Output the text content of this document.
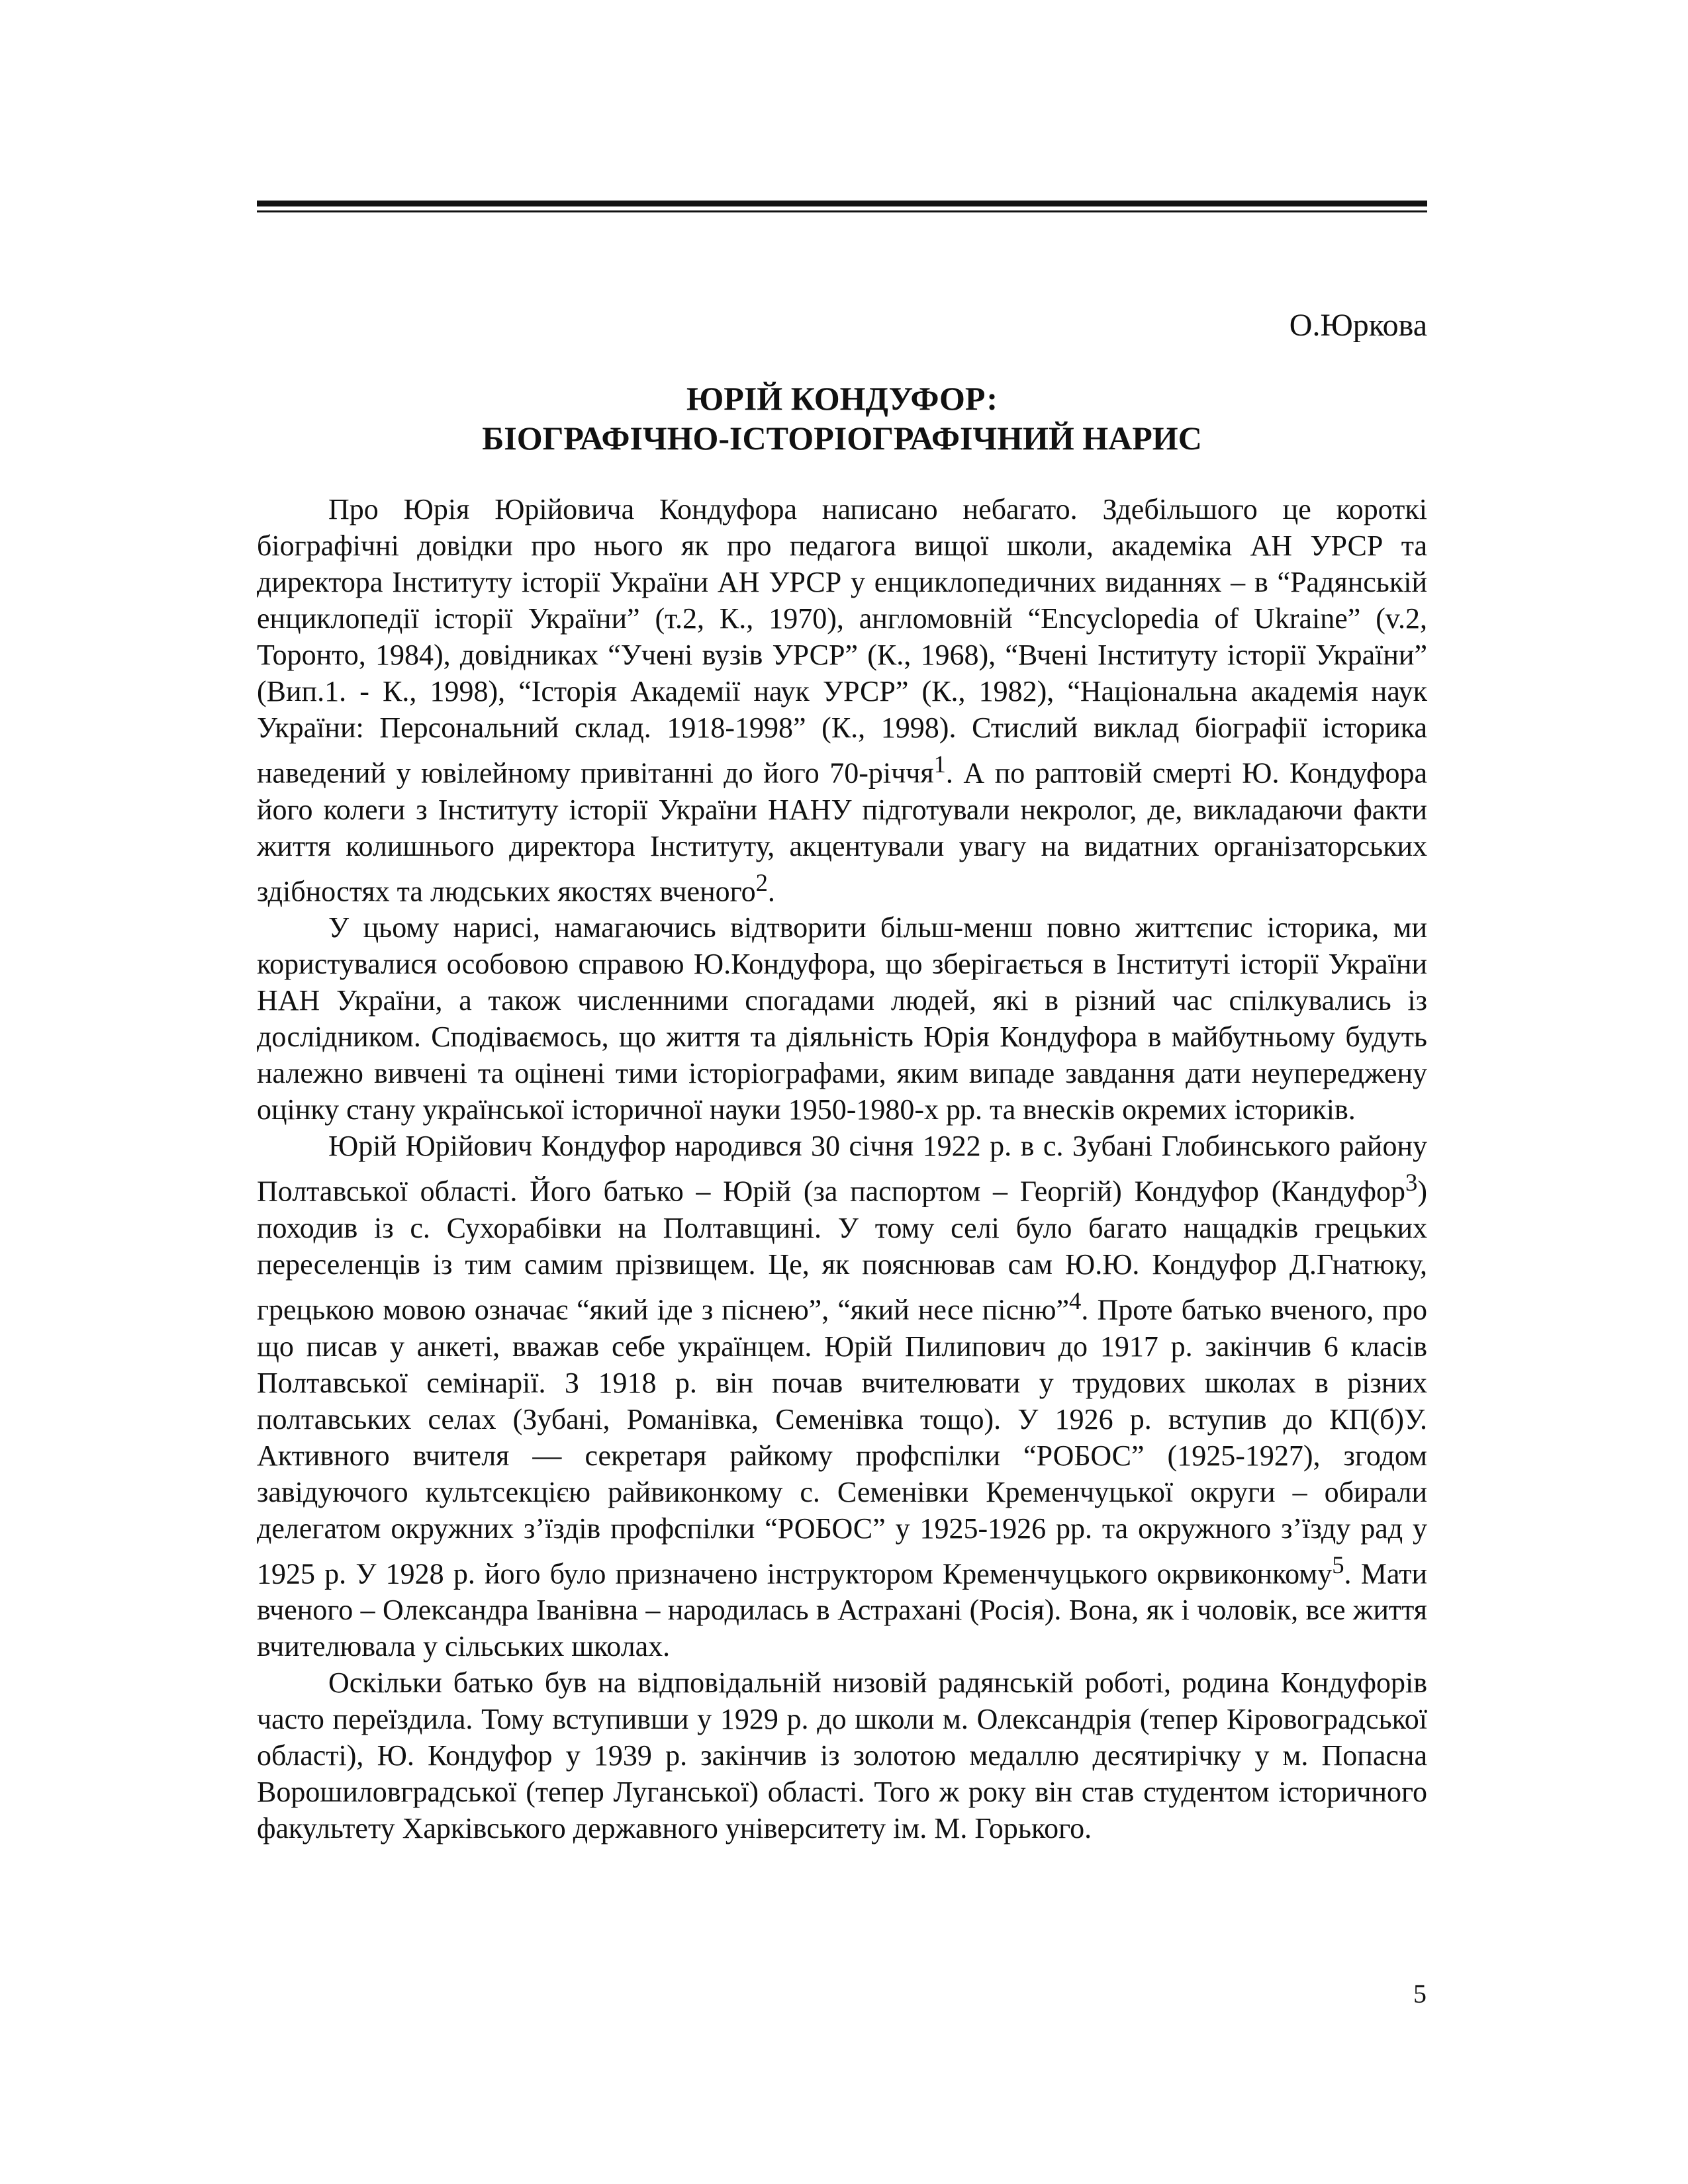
О.Юркова
ЮРІЙ КОНДУФОР:
БІОГРАФІЧНО-ІСТОРІОГРАФІЧНИЙ НАРИС

Про Юрія Юрійовича Кондуфора написано небагато. Здебільшого це короткі біографічні довідки про нього як про педагога вищої школи, академіка АН УРСР та директора Інституту історії України АН УРСР у енциклопедичних виданнях – в “Радянській енциклопедії історії України” (т.2, К., 1970), англомовній “Encyclopedia of Ukraine” (v.2, Торонто, 1984), довідниках “Учені вузів УРСР” (К., 1968), “Вчені Інституту історії України” (Вип.1. - К., 1998), “Історія Академії наук УРСР” (К., 1982), “Національна академія наук України: Персональний склад. 1918-1998” (К., 1998). Стислий виклад біографії історика наведений у ювілейному привітанні до його 70-річчя$^1$. А по раптовій смерті Ю. Кондуфора його колеги з Інституту історії України НАНУ підготували некролог, де, викладаючи факти життя колишнього директора Інституту, акцентували увагу на видатних організаторських здібностях та людських якостях вченого$^2$.

У цьому нарисі, намагаючись відтворити більш-менш повно життєпис історика, ми користувалися особовою справою Ю.Кондуфора, що зберігається в Інституті історії України НАН України, а також численними спогадами людей, які в різний час спілкувались із дослідником. Сподіваємось, що життя та діяльність Юрія Кондуфора в майбутньому будуть належно вивчені та оцінені тими історіографами, яким випаде завдання дати неупереджену оцінку стану української історичної науки 1950-1980-х рр. та внесків окремих істориків.

Юрій Юрійович Кондуфор народився 30 січня 1922 р. в с. Зубані Глобинського району Полтавської області. Його батько – Юрій (за паспортом – Георгій) Кондуфор (Кандуфор$^3$) походив із с. Сухорабівки на Полтавщині. У тому селі було багато нащадків грецьких переселенців із тим самим прізвищем. Це, як пояснював сам Ю.Ю. Кондуфор Д.Гнатюку, грецькою мовою означає “який іде з піснею”, “який несе пісню”$^4$. Проте батько вченого, про що писав у анкеті, вважав себе українцем. Юрій Пилипович до 1917 р. закінчив 6 класів Полтавської семінарії. З 1918 р. він почав вчителювати у трудових школах в різних полтавських селах (Зубані, Романівка, Семенівка тощо). У 1926 р. вступив до КП(б)У. Активного вчителя — секретаря райкому профспілки “РОБОС” (1925-1927), згодом завідуючого культсекцією райвиконкому с. Семенівки Кременчуцької округи – обирали делегатом окружних з’їздів профспілки “РОБОС” у 1925-1926 рр. та окружного з’їзду рад у 1925 р. У 1928 р. його було призначено інструктором Кременчуцького окрвиконкому$^5$. Мати вченого – Олександра Іванівна – народилась в Астрахані (Росія). Вона, як і чоловік, все життя вчителювала у сільських школах.

Оскільки батько був на відповідальній низовій радянській роботі, родина Кондуфорів часто переїздила. Тому вступивши у 1929 р. до школи м. Олександрія (тепер Кіровоградської області), Ю. Кондуфор у 1939 р. закінчив із золотою медаллю десятирічку у м. Попасна Ворошиловградської (тепер Луганської) області. Того ж року він став студентом історичного факультету Харківського державного університету ім. М. Горького.

5
